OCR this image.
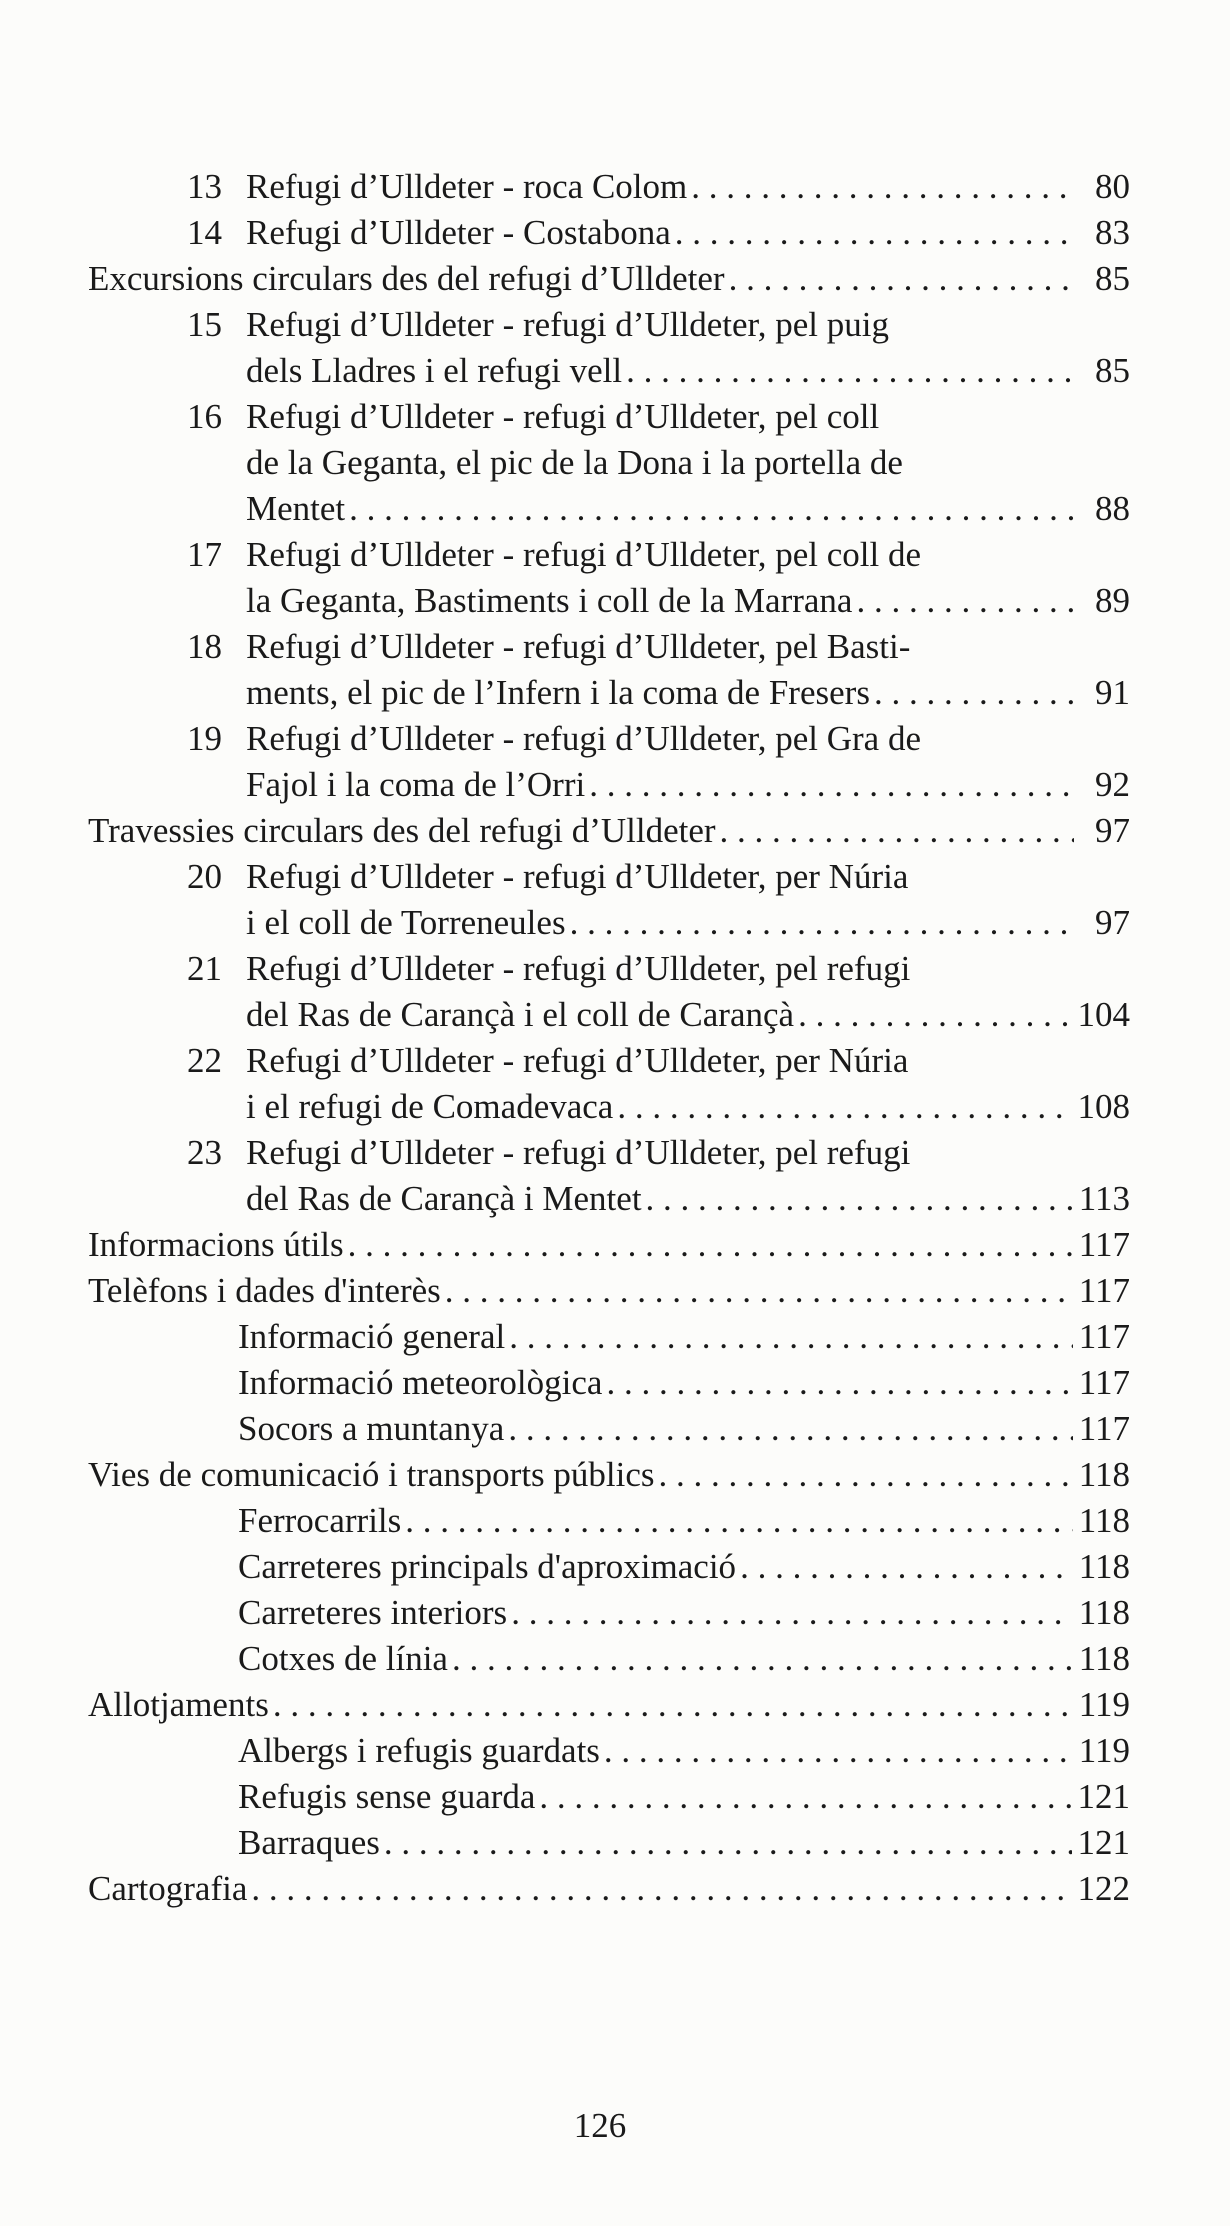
13 Refugi d’Ulldeter - roca Colom . . .	80
14 Refugi d’Ulldeter - Costabona . . .	83
Excursions circulars des del refugi d’Ulldeter . . .	85
15 Refugi d’Ulldeter - refugi d’Ulldeter, pel puig
dels Lladres i el refugi vell . . .	85
16 Refugi d’Ulldeter - refugi d’Ulldeter, pel coll
de la Geganta, el pic de la Dona i la portella de
Mentet . . .	88
17 Refugi d’Ulldeter - refugi d’Ulldeter, pel coll de
la Geganta, Bastiments i coll de la Marrana . . .	89
18 Refugi d’Ulldeter - refugi d’Ulldeter, pel Basti-
ments, el pic de l’Infern i la coma de Fresers . . .	91
19 Refugi d’Ulldeter - refugi d’Ulldeter, pel Gra de
Fajol i la coma de l’Orri . . .	92
Travessies circulars des del refugi d’Ulldeter . . .	97
20 Refugi d’Ulldeter - refugi d’Ulldeter, per Núria
i el coll de Torreneules . . .	97
21 Refugi d’Ulldeter - refugi d’Ulldeter, pel refugi
del Ras de Carançà i el coll de Carançà . . .	104
22 Refugi d’Ulldeter - refugi d’Ulldeter, per Núria
i el refugi de Comadevaca . . .	108
23 Refugi d’Ulldeter - refugi d’Ulldeter, pel refugi
del Ras de Carançà i Mentet . . .	113
Informacions útils . . .	117
Telèfons i dades d'interès . . .	117
Informació general . . .	117
Informació meteorològica . . .	117
Socors a muntanya . . .	117
Vies de comunicació i transports públics . . .	118
Ferrocarrils . . .	118
Carreteres principals d'aproximació . . .	118
Carreteres interiors . . .	118
Cotxes de línia . . .	118
Allotjaments . . .	119
Albergs i refugis guardats . . .	119
Refugis sense guarda . . .	121
Barraques . . .	121
Cartografia . . .	122
126
